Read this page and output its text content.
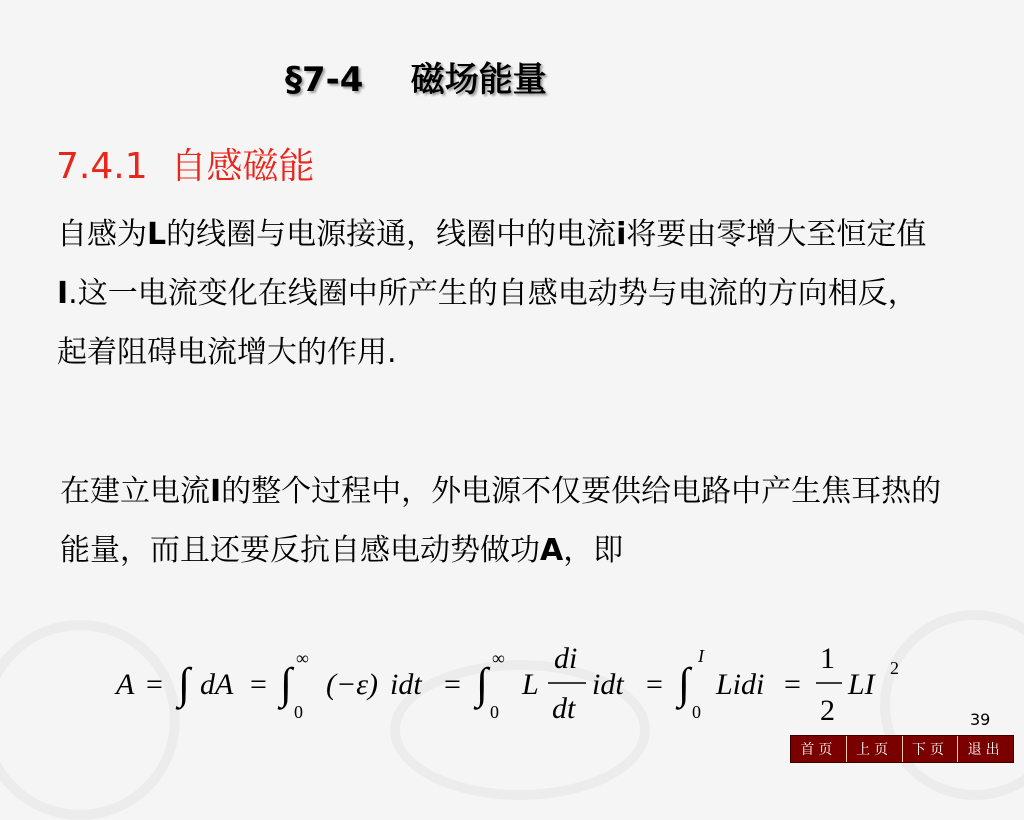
§7-4    磁场能量
7.4.1  自感磁能

自感为L的线圈与电源接通，线圈中的电流i将要由零增大至恒定值I.这一电流变化在线圈中所产生的自感电动势与电流的方向相反，起着阻碍电流增大的作用.

在建立电流I的整个过程中，外电源不仅要供给电路中产生焦耳热的能量，而且还要反抗自感电动势做功A，即

A = ∫ dA = ∫
∞
0
(−ε) idt = ∫
∞
0
L
di
dt
idt = ∫
I
0
Lidi =
1
2
LI 2
39
首页	上页	下页	退出
